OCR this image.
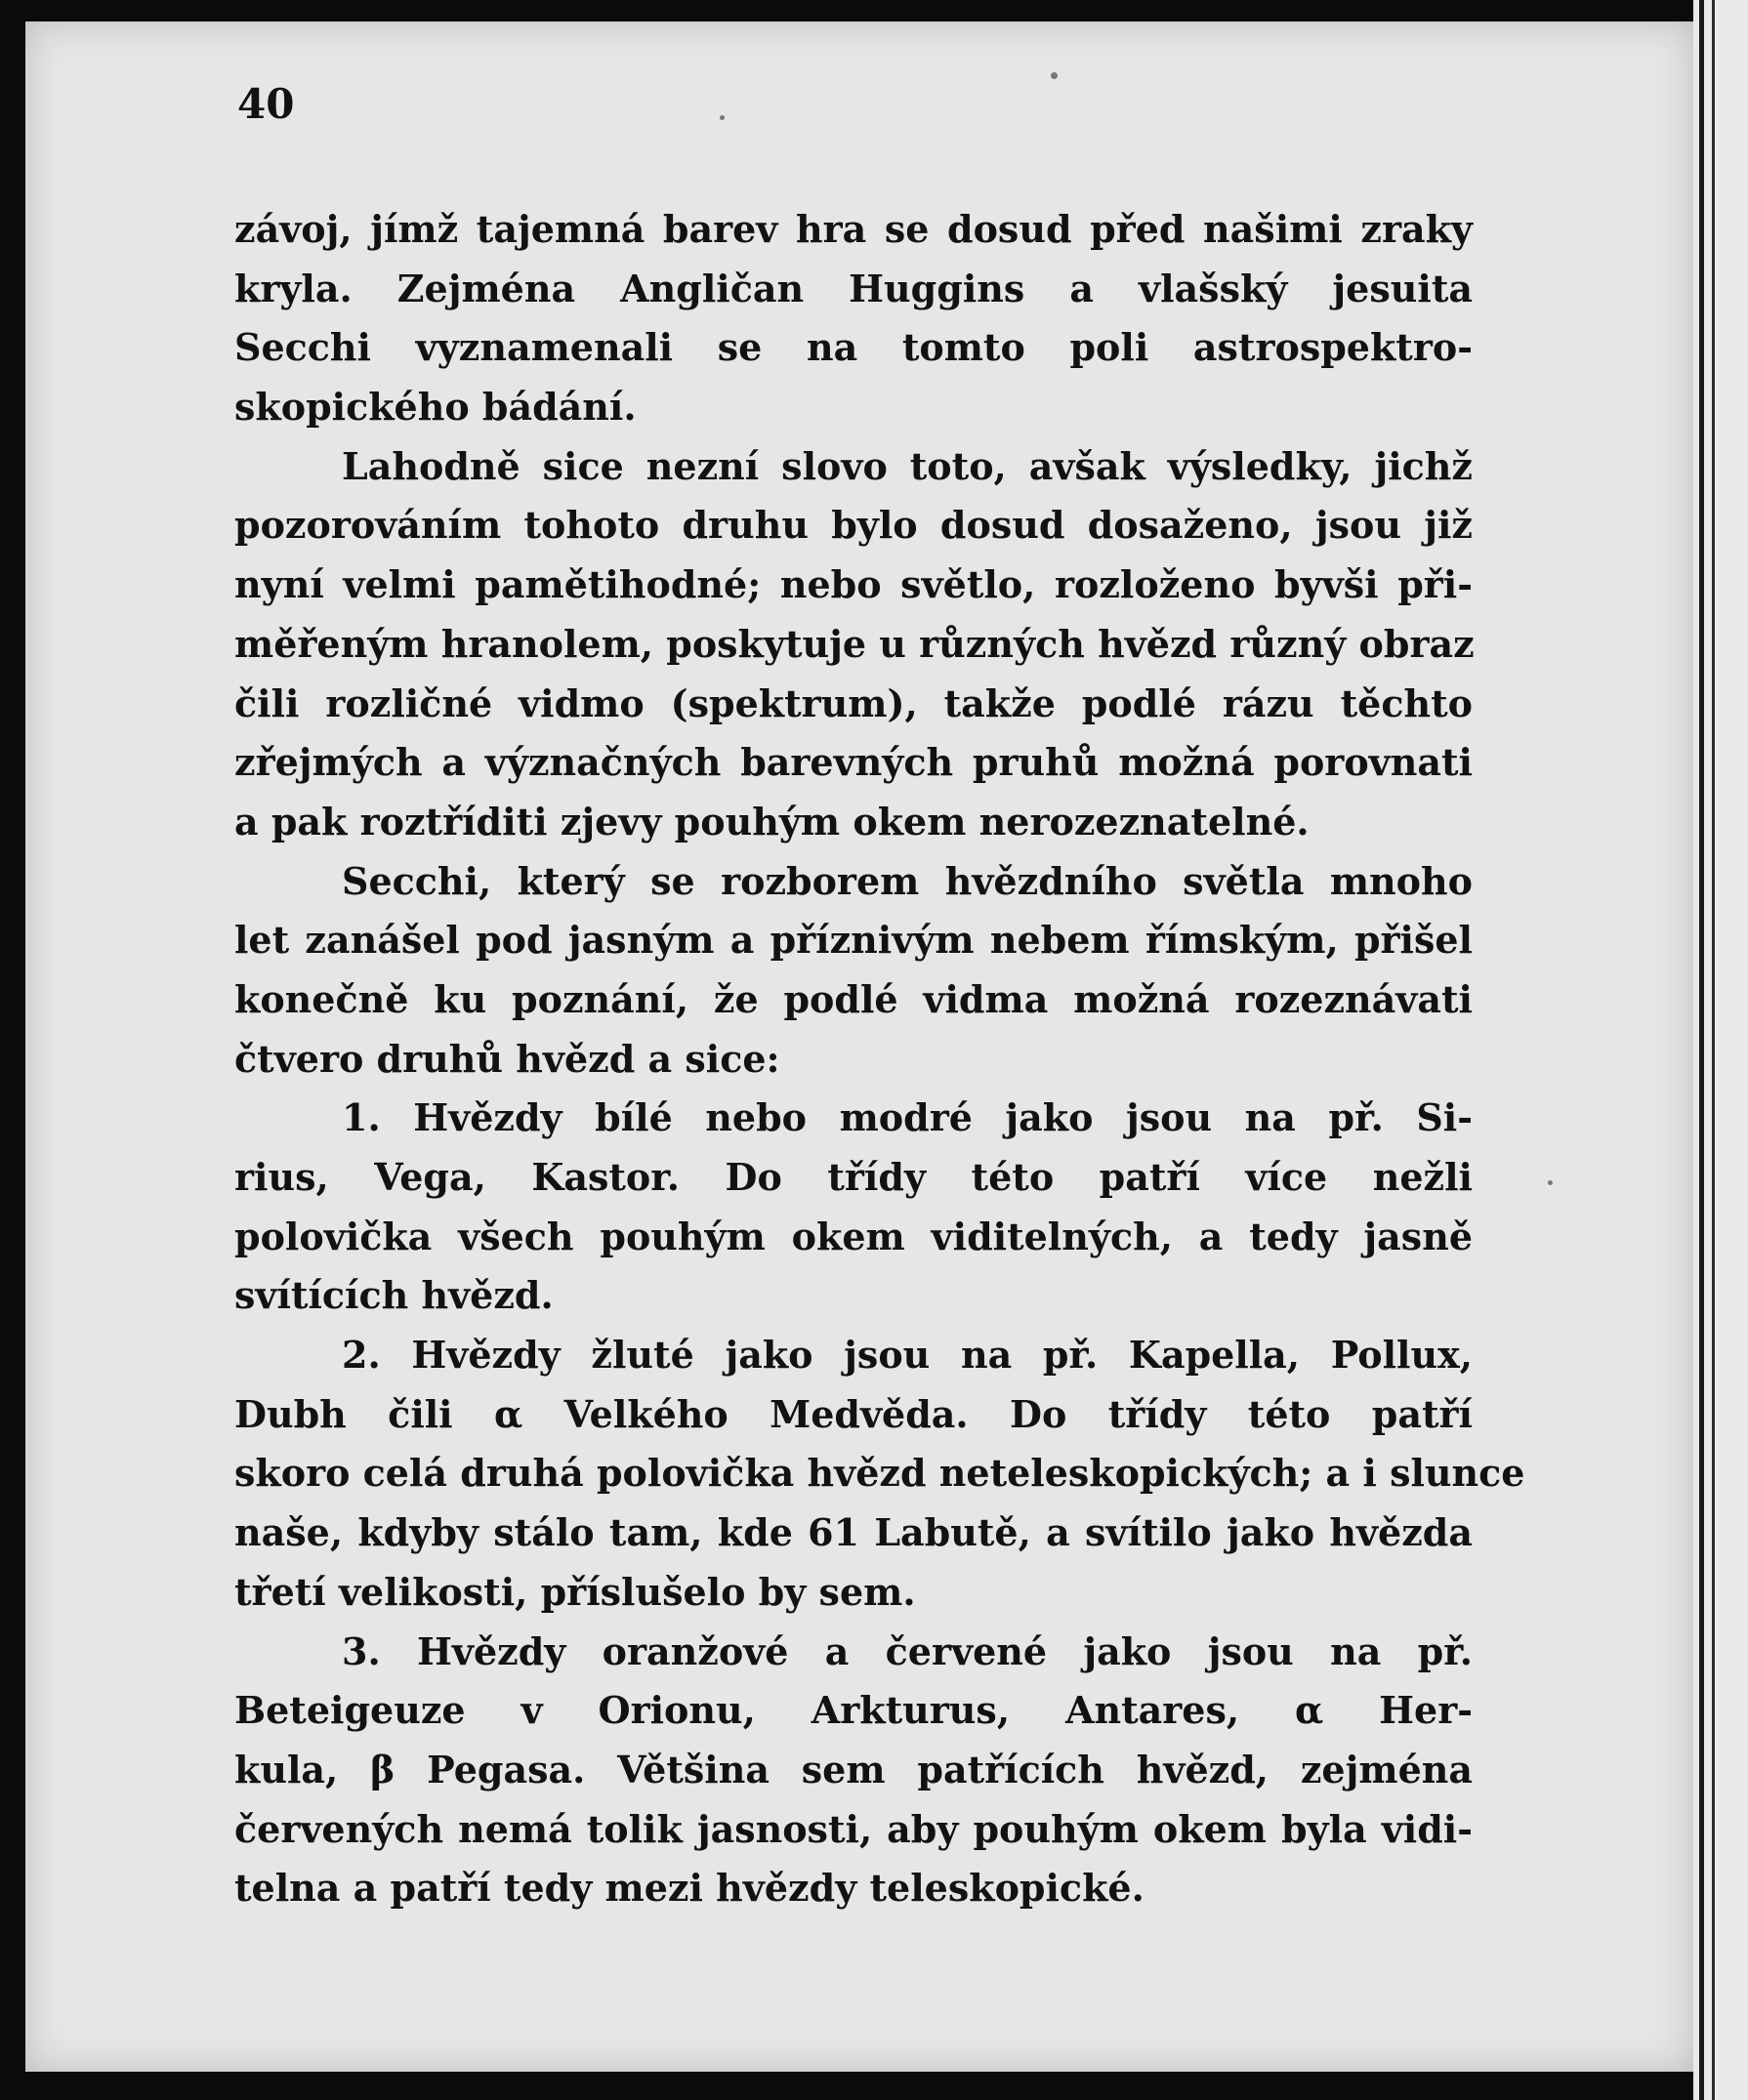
40
závoj, jímž tajemná barev hra se dosud před našimi zraky
kryla. Zejména Angličan Huggins a vlašský jesuita
Secchi vyznamenali se na tomto poli astrospektro-
skopického bádání.
Lahodně sice nezní slovo toto, avšak výsledky, jichž
pozorováním tohoto druhu bylo dosud dosaženo, jsou již
nyní velmi pamětihodné; nebo světlo, rozloženo byvši při-
měřeným hranolem, poskytuje u různých hvězd různý obraz
čili rozličné vidmo (spektrum), takže podlé rázu těchto
zřejmých a význačných barevných pruhů možná porovnati
a pak roztříditi zjevy pouhým okem nerozeznatelné.
Secchi, který se rozborem hvězdního světla mnoho
let zanášel pod jasným a příznivým nebem římským, přišel
konečně ku poznání, že podlé vidma možná rozeznávati
čtvero druhů hvězd a sice:
1. Hvězdy bílé nebo modré jako jsou na př. Si-
rius, Vega, Kastor. Do třídy této patří více nežli
polovička všech pouhým okem viditelných, a tedy jasně
svítících hvězd.
2. Hvězdy žluté jako jsou na př. Kapella, Pollux,
Dubh čili α Velkého Medvěda. Do třídy této patří
skoro celá druhá polovička hvězd neteleskopických; a i slunce
naše, kdyby stálo tam, kde 61 Labutě, a svítilo jako hvězda
třetí velikosti, příslušelo by sem.
3. Hvězdy oranžové a červené jako jsou na př.
Beteigeuze v Orionu, Arkturus, Antares, α Her-
kula, β Pegasa. Většina sem patřících hvězd, zejména
červených nemá tolik jasnosti, aby pouhým okem byla vidi-
telna a patří tedy mezi hvězdy teleskopické.
